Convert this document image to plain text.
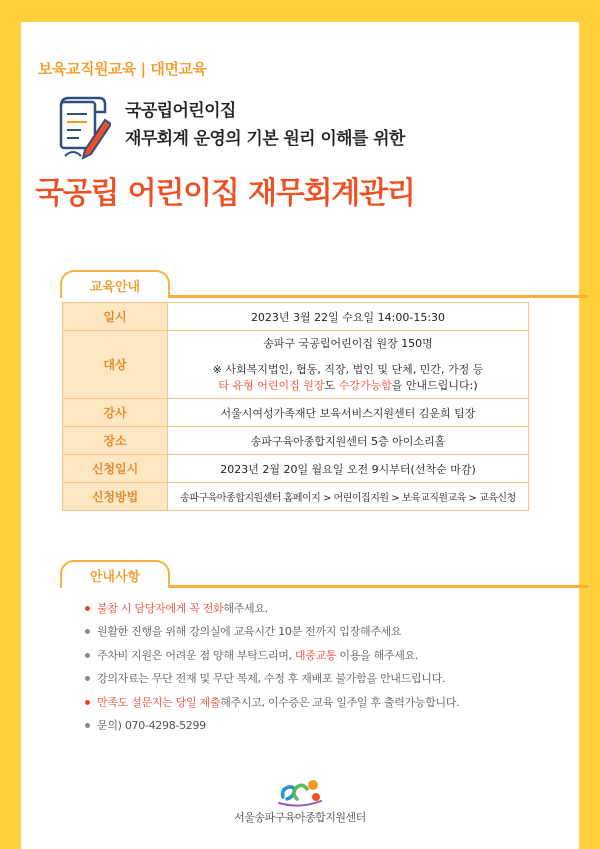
보육교직원교육 | 대면교육
국공립어린이집
재무회계 운영의 기본 원리 이해를 위한
국공립 어린이집 재무회계관리
교육안내
일시	2023년 3월 22일 수요일 14:00-15:30
대상	송파구 국공립어린이집 원장 150명
※ 사회복지법인, 협동, 직장, 법인 및 단체, 민간, 가정 등
타 유형 어린이집 원장도 수강가능함을 안내드립니다:)

강사	서울시여성가족재단 보육서비스지원센터 김운희 팀장
장소	송파구육아종합지원센터 5층 아이소리홀
신청일시	2023년 2월 20일 월요일 오전 9시부터(선착순 마감)
신청방법	송파구육아종합지원센터 홈페이지 > 어린이집지원 > 보육교직원교육 > 교육신청
안내사항
불참 시 담당자에게 꼭 전화해주세요.
원활한 진행을 위해 강의실에 교육시간 10분 전까지 입장해주세요
주차비 지원은 어려운 점 양해 부탁드리며, 대중교통 이용을 해주세요.
강의자료는 무단 전재 및 무단 복제, 수정 후 재배포 불가함을 안내드립니다.
만족도 설문지는 당일 제출해주시고, 이수증은 교육 일주일 후 출력가능합니다.
문의) 070-4298-5299
서울송파구육아종합지원센터
